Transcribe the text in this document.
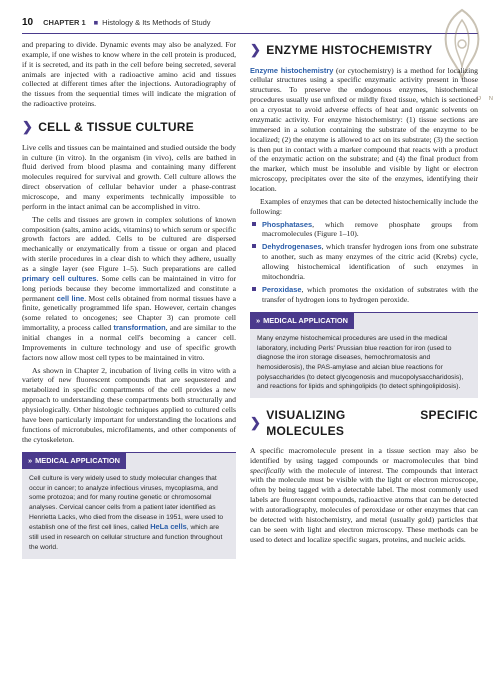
10 CHAPTER 1 ■ Histology & Its Methods of Study
O N

and preparing to divide. Dynamic events may also be analyzed. For example, if one wishes to know where in the cell protein is produced, if it is secreted, and its path in the cell before being secreted, several animals are injected with a radioactive amino acid and tissues collected at different times after the injections. Autoradiography of the tissues from the sequential times will indicate the migration of the radioactive proteins.

❯ CELL & TISSUE CULTURE

Live cells and tissues can be maintained and studied outside the body in culture (in vitro). In the organism (in vivo), cells are bathed in fluid derived from blood plasma and containing many different molecules required for survival and growth. Cell culture allows the direct observation of cellular behavior under a phase-contrast microscope, and many experiments technically impossible to perform in the intact animal can be accomplished in vitro.

The cells and tissues are grown in complex solutions of known composition (salts, amino acids, vitamins) to which serum or specific growth factors are added. Cells to be cultured are dispersed mechanically or enzymatically from a tissue or organ and placed with sterile procedures in a clear dish to which they adhere, usually as a single layer (see Figure 1–5). Such preparations are called primary cell cultures. Some cells can be maintained in vitro for long periods because they become immortalized and constitute a permanent cell line. Most cells obtained from normal tissues have a finite, genetically programmed life span. However, certain changes (some related to oncogenes; see Chapter 3) can promote cell immortality, a process called transformation, and are similar to the initial changes in a normal cell's becoming a cancer cell. Improvements in culture technology and use of specific growth factors now allow most cell types to be maintained in vitro.

As shown in Chapter 2, incubation of living cells in vitro with a variety of new fluorescent compounds that are sequestered and metabolized in specific compartments of the cell provides a new approach to understanding these compartments both structurally and physiologically. Other histologic techniques applied to cultured cells have been particularly important for understanding the locations and functions of microtubules, microfilaments, and other components of the cytoskeleton.

» MEDICAL APPLICATION
Cell culture is very widely used to study molecular changes that occur in cancer; to analyze infectious viruses, mycoplasma, and some protozoa; and for many routine genetic or chromosomal analyses. Cervical cancer cells from a patient later identified as Henrietta Lacks, who died from the disease in 1951, were used to establish one of the first cell lines, called HeLa cells, which are still used in research on cellular structure and function throughout the world.
❯ ENZYME HISTOCHEMISTRY

Enzyme histochemistry (or cytochemistry) is a method for localizing cellular structures using a specific enzymatic activity present in those structures. To preserve the endogenous enzymes, histochemical procedures usually use unfixed or mildly fixed tissue, which is sectioned on a cryostat to avoid adverse effects of heat and organic solvents on enzymatic activity. For enzyme histochemistry: (1) tissue sections are immersed in a solution containing the substrate of the enzyme to be localized; (2) the enzyme is allowed to act on its substrate; (3) the section is then put in contact with a marker compound that reacts with a product of the enzymatic action on the substrate; and (4) the final product from the marker, which must be insoluble and visible by light or electron microscopy, precipitates over the site of the enzymes, identifying their location.

Examples of enzymes that can be detected histochemically include the following:

Phosphatases, which remove phosphate groups from macromolecules (Figure 1–10).
Dehydrogenases, which transfer hydrogen ions from one substrate to another, such as many enzymes of the citric acid (Krebs) cycle, allowing histochemical identification of such enzymes in mitochondria.
Peroxidase, which promotes the oxidation of substrates with the transfer of hydrogen ions to hydrogen peroxide.
» MEDICAL APPLICATION
Many enzyme histochemical procedures are used in the medical laboratory, including Perls' Prussian blue reaction for iron (used to diagnose the iron storage diseases, hemochromatosis and hemosiderosis), the PAS-amylase and alcian blue reactions for polysaccharides (to detect glycogenosis and mucopolysaccharidosis), and reactions for lipids and sphingolipids (to detect sphingolipidosis).
❯
VISUALIZING SPECIFIC MOLECULES

A specific macromolecule present in a tissue section may also be identified by using tagged compounds or macromolecules that bind specifically with the molecule of interest. The compounds that interact with the molecule must be visible with the light or electron microscope, often by being tagged with a detectable label. The most commonly used labels are fluorescent compounds, radioactive atoms that can be detected with autoradiography, molecules of peroxidase or other enzymes that can be detected with histochemistry, and metal (usually gold) particles that can be seen with light and electron microscopy. These methods can be used to detect and localize specific sugars, proteins, and nucleic acids.
